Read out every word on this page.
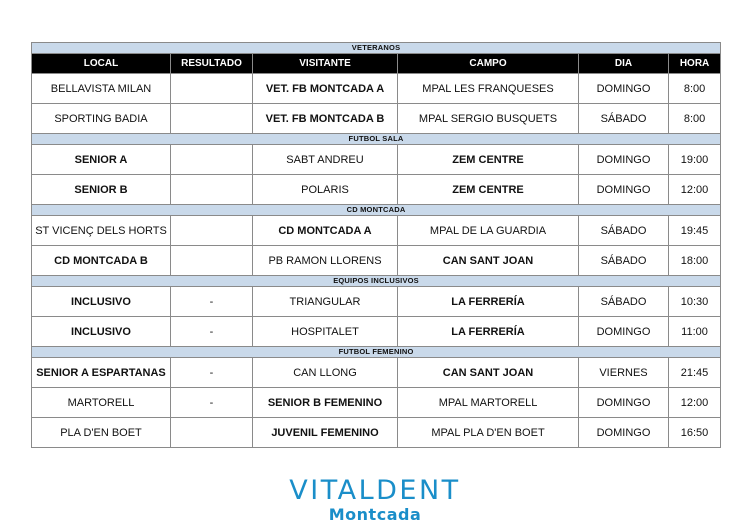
VETERANOS					
LOCAL	RESULTADO	VISITANTE	CAMPO	DIA	HORA
BELLAVISTA MILAN		VET. FB MONTCADA A	MPAL LES FRANQUESES	DOMINGO	8:00
SPORTING BADIA		VET. FB MONTCADA B	MPAL SERGIO BUSQUETS	SÁBADO	8:00
FUTBOL SALA					
SENIOR A		SABT ANDREU	ZEM CENTRE	DOMINGO	19:00
SENIOR B		POLARIS	ZEM CENTRE	DOMINGO	12:00
CD MONTCADA					
ST VICENÇ DELS HORTS		CD MONTCADA A	MPAL DE LA GUARDIA	SÁBADO	19:45
CD MONTCADA B		PB RAMON LLORENS	CAN SANT JOAN	SÁBADO	18:00
EQUIPOS INCLUSIVOS					
INCLUSIVO	-	TRIANGULAR	LA FERRERÍA	SÁBADO	10:30
INCLUSIVO	-	HOSPITALET	LA FERRERÍA	DOMINGO	11:00
FUTBOL FEMENINO					
SENIOR A ESPARTANAS	-	CAN LLONG	CAN SANT JOAN	VIERNES	21:45
MARTORELL	-	SENIOR B FEMENINO	MPAL MARTORELL	DOMINGO	12:00
PLA D'EN BOET		JUVENIL FEMENINO	MPAL PLA D'EN BOET	DOMINGO	16:50
VITALDENT
Montcada
